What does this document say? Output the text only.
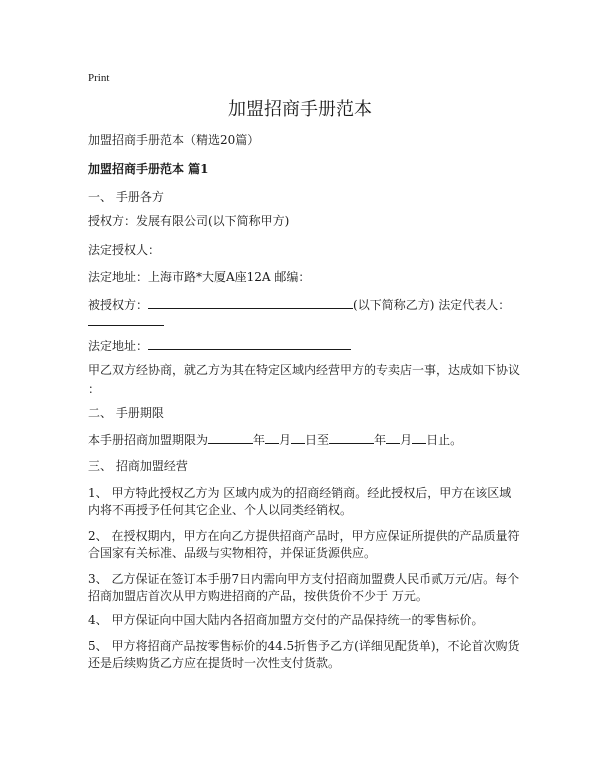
Print
加盟招商手册范本
加盟招商手册范本（精选20篇）
加盟招商手册范本 篇1
一、 手册各方
授权方：发展有限公司(以下简称甲方)
法定授权人：
法定地址：上海市路*大厦A座12A 邮编：
被授权方：	(以下简称乙方) 法定代表人：
法定地址：
甲乙双方经协商，就乙方为其在特定区域内经营甲方的专卖店一事，达成如下协议
：
二、 手册期限
本手册招商加盟期限为	年 月 日至	年 月 日止。
三、 招商加盟经营
1、 甲方特此授权乙方为 区域内成为的招商经销商。经此授权后，甲方在该区域内将不再授予任何其它企业、个人以同类经销权。
2、 在授权期内，甲方在向乙方提供招商产品时，甲方应保证所提供的产品质量符合国家有关标准、品级与实物相符，并保证货源供应。
3、 乙方保证在签订本手册7日内需向甲方支付招商加盟费人民币贰万元/店。每个招商加盟店首次从甲方购进招商的产品，按供货价不少于 万元。
4、 甲方保证向中国大陆内各招商加盟方交付的产品保持统一的零售标价。
5、 甲方将招商产品按零售标价的44.5折售予乙方(详细见配货单)，不论首次购货还是后续购货乙方应在提货时一次性支付货款。
